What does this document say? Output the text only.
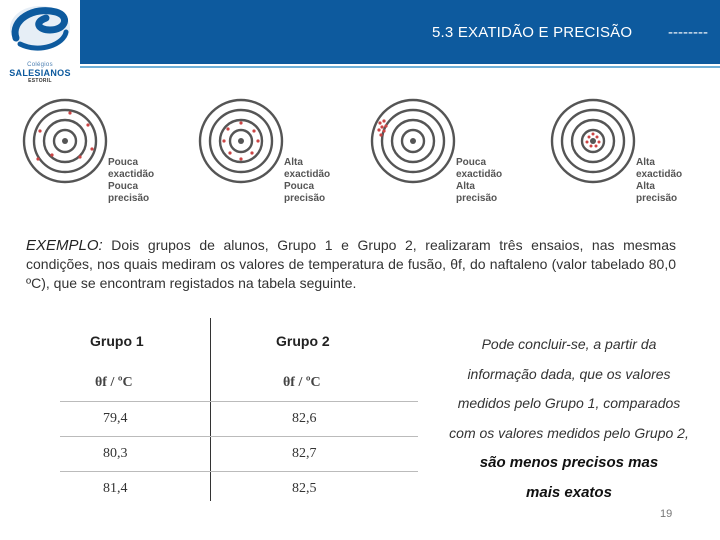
5.3 EXATIDÃO E PRECISÃO --------
Colégios
SALESIANOS
ESTORIL
Pouca exactidão
Pouca precisão
Alta exactidão
Pouca precisão
Pouca exactidão
Alta precisão
Alta exactidão
Alta precisão
EXEMPLO: Dois grupos de alunos, Grupo 1 e Grupo 2, realizaram três ensaios, nas mesmas condições, nos quais mediram os valores de temperatura de fusão, θf, do naftaleno (valor tabelado 80,0 ºC), que se encontram registados na tabela seguinte.
Grupo 1	Grupo 2
θf / ºC	θf / ºC
79,4	82,6
80,3	82,7
81,4	82,5
Pode concluir-se, a partir da
informação dada, que os valores
medidos pelo Grupo 1, comparados
com os valores medidos pelo Grupo 2,
são menos precisos mas
mais exatos
19
